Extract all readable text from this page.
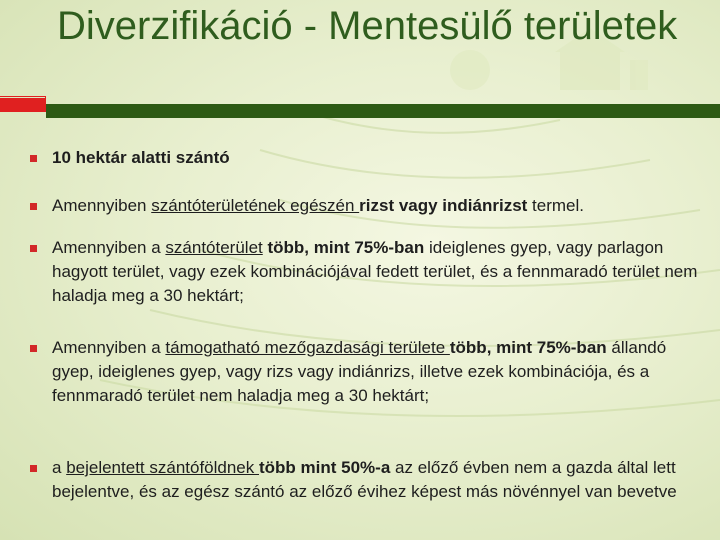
Diverzifikáció - Mentesülő területek
10 hektár alatti szántó
Amennyiben szántóterületének egészén rizst vagy indiánrizst termel.
Amennyiben a szántóterület több, mint 75%-ban ideiglenes gyep, vagy parlagon hagyott terület, vagy ezek kombinációjával fedett terület, és a fennmaradó terület nem haladja meg a 30 hektárt;
Amennyiben a támogatható mezőgazdasági területe több, mint 75%-ban állandó gyep, ideiglenes gyep, vagy rizs vagy indiánrizs, illetve ezek kombinációja, és a fennmaradó terület nem haladja meg a 30 hektárt;
a bejelentett szántóföldnek több mint 50%-a az előző évben nem a gazda által lett bejelentve, és az egész szántó az előző évihez képest más növénnyel van bevetve
